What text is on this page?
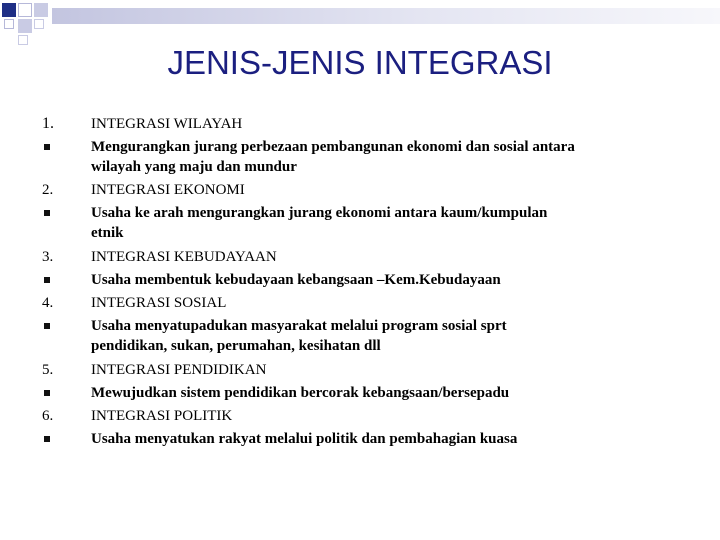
JENIS-JENIS INTEGRASI
1. INTEGRASI WILAYAH
Mengurangkan jurang perbezaan pembangunan ekonomi dan sosial antara
wilayah yang maju dan mundur
2.	INTEGRASI EKONOMI
Usaha ke arah mengurangkan jurang ekonomi antara kaum/kumpulan
etnik
3.	INTEGRASI KEBUDAYAAN
Usaha membentuk kebudayaan kebangsaan –Kem.Kebudayaan
4.	INTEGRASI SOSIAL
Usaha menyatupadukan masyarakat melalui program sosial sprt
pendidikan, sukan, perumahan, kesihatan dll
5.	INTEGRASI PENDIDIKAN
Mewujudkan sistem pendidikan bercorak kebangsaan/bersepadu
6.	INTEGRASI POLITIK
Usaha menyatukan rakyat melalui politik dan pembahagian kuasa
